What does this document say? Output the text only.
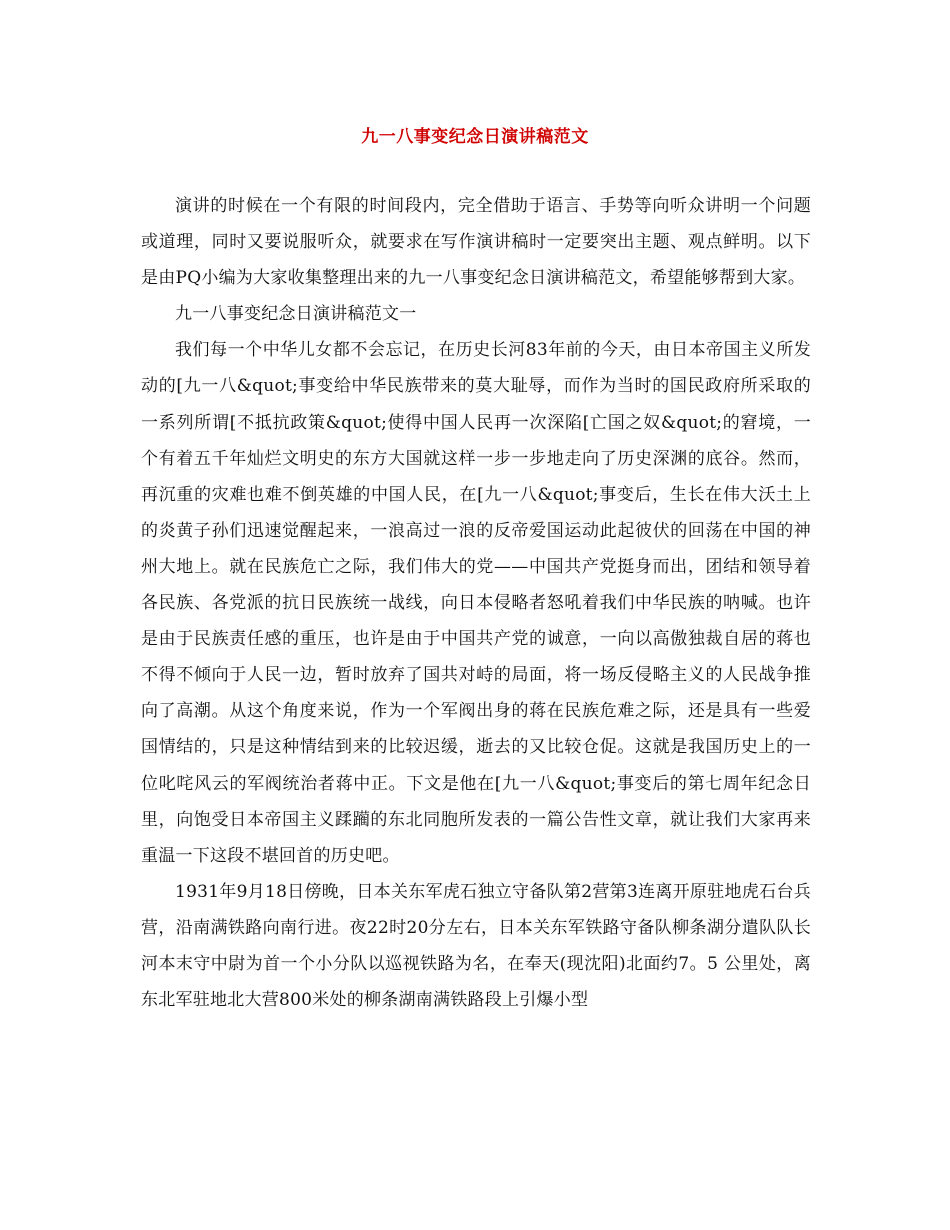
九一八事变纪念日演讲稿范文

演讲的时候在一个有限的时间段内，完全借助于语言、手势等向听众讲明一个问题或道理，同时又要说服听众，就要求在写作演讲稿时一定要突出主题、观点鲜明。以下是由PQ小编为大家收集整理出来的九一八事变纪念日演讲稿范文，希望能够帮到大家。

九一八事变纪念日演讲稿范文一

我们每一个中华儿女都不会忘记，在历史长河83年前的今天，由日本帝国主义所发动的[九一八&quot;事变给中华民族带来的莫大耻辱，而作为当时的国民政府所采取的一系列所谓[不抵抗政策&quot;使得中国人民再一次深陷[亡国之奴&quot;的窘境，一个有着五千年灿烂文明史的东方大国就这样一步一步地走向了历史深渊的底谷。然而，再沉重的灾难也难不倒英雄的中国人民，在[九一八&quot;事变后，生长在伟大沃土上的炎黄子孙们迅速觉醒起来，一浪高过一浪的反帝爱国运动此起彼伏的回荡在中国的神州大地上。就在民族危亡之际，我们伟大的党——中国共产党挺身而出，团结和领导着各民族、各党派的抗日民族统一战线，向日本侵略者怒吼着我们中华民族的呐喊。也许是由于民族责任感的重压，也许是由于中国共产党的诚意，一向以高傲独裁自居的蒋也不得不倾向于人民一边，暂时放弃了国共对峙的局面，将一场反侵略主义的人民战争推向了高潮。从这个角度来说，作为一个军阀出身的蒋在民族危难之际，还是具有一些爱国情结的，只是这种情结到来的比较迟缓，逝去的又比较仓促。这就是我国历史上的一位叱咤风云的军阀统治者蒋中正。下文是他在[九一八&quot;事变后的第七周年纪念日里，向饱受日本帝国主义蹂躏的东北同胞所发表的一篇公告性文章，就让我们大家再来重温一下这段不堪回首的历史吧。

1931年9月18日傍晚，日本关东军虎石独立守备队第2营第3连离开原驻地虎石台兵营，沿南满铁路向南行进。夜22时20分左右，日本关东军铁路守备队柳条湖分遣队队长河本末守中尉为首一个小分队以巡视铁路为名，在奉天(现沈阳)北面约7。5 公里处，离东北军驻地北大营800米处的柳条湖南满铁路段上引爆小型
